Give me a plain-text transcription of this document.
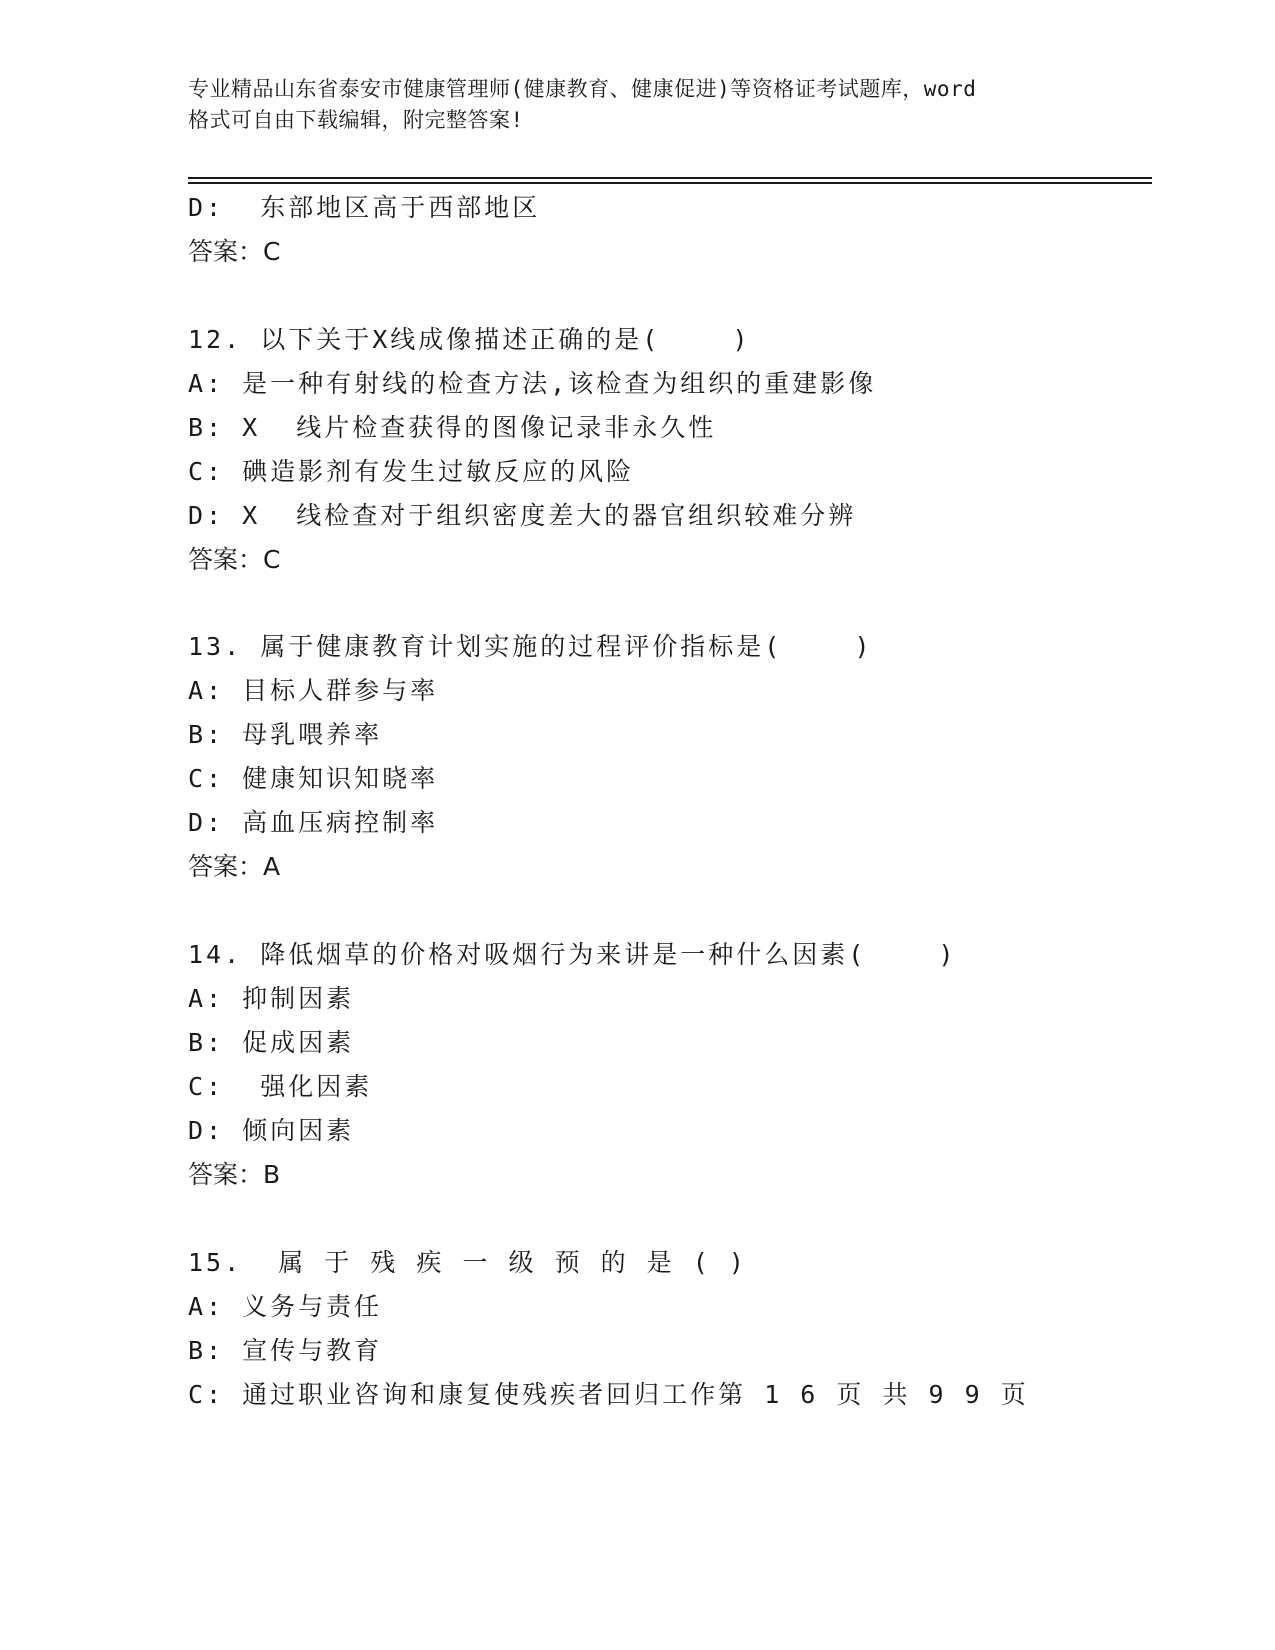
专业精品山东省泰安市健康管理师(健康教育、健康促进)等资格证考试题库，word
格式可自由下载编辑，附完整答案!
D:  东部地区高于西部地区
答案：C
12. 以下关于X线成像描述正确的是(    )
A: 是一种有射线的检查方法,该检查为组织的重建影像
B: X  线片检查获得的图像记录非永久性
C: 碘造影剂有发生过敏反应的风险
D: X  线检查对于组织密度差大的器官组织较难分辨
答案：C
13. 属于健康教育计划实施的过程评价指标是(    )
A: 目标人群参与率
B: 母乳喂养率
C: 健康知识知晓率
D: 高血压病控制率
答案：A
14. 降低烟草的价格对吸烟行为来讲是一种什么因素(    )
A: 抑制因素
B: 促成因素
C:  强化因素
D: 倾向因素
答案：B
15.  属 于 残 疾 一 级 预 的 是 ( )
A: 义务与责任
B: 宣传与教育
C: 通过职业咨询和康复使残疾者回归工作第 1 6 页 共 9 9 页
